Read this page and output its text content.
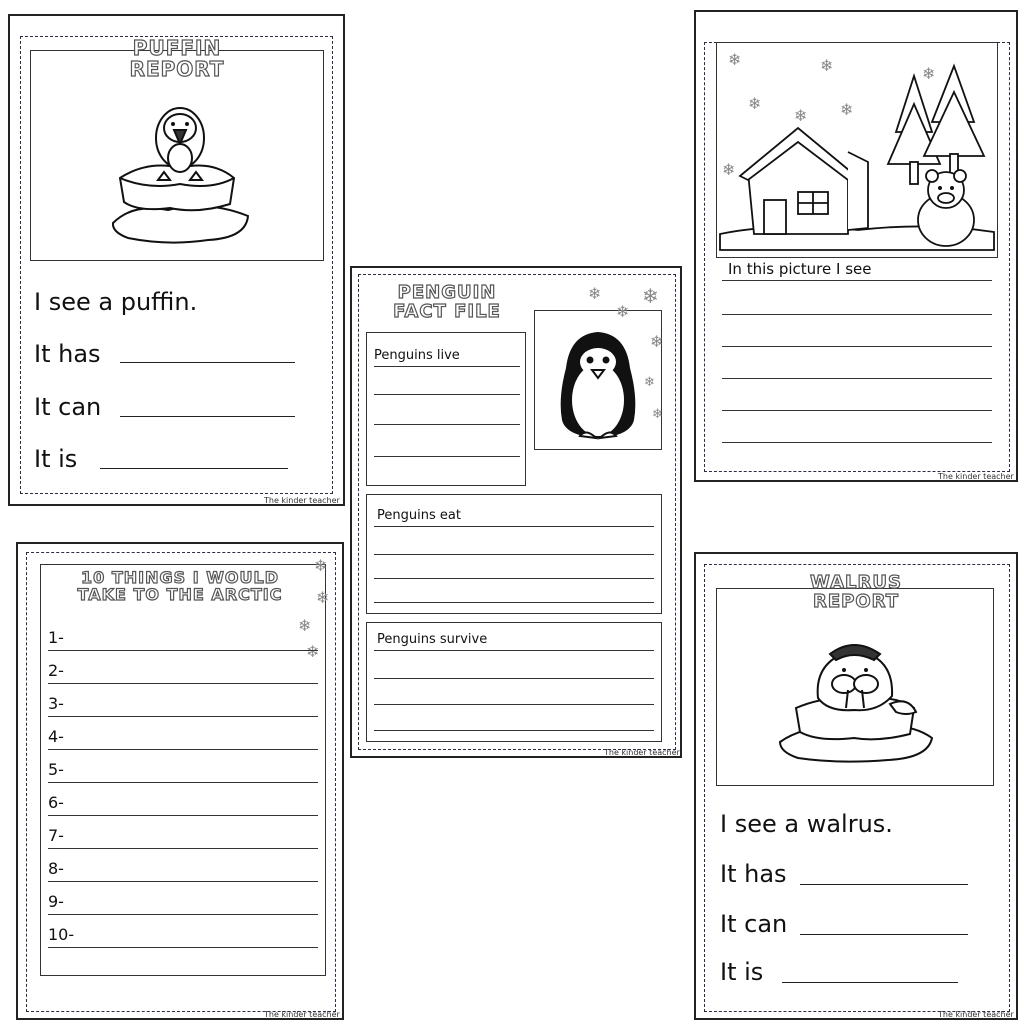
PUFFIN
REPORT
I see a puffin.
It has
It can
It is
The kinder teacher
PENGUIN
FACT FILE
❄ ❄
❄
❄
❄
❄
Penguins live
Penguins eat
Penguins survive
The kinder teacher
❄	❄
❄
❄ ❄
❄
❄
In this picture I see
The kinder teacher
10 THINGS I WOULD
TAKE TO THE ARCTIC
❄
❄
❄
❄
1-
2-
3-
4-
5-
6-
7-
8-
9-
10-
The kinder teacher
WALRUS
REPORT
I see a walrus.
It has
It can
It is
The kinder teacher
